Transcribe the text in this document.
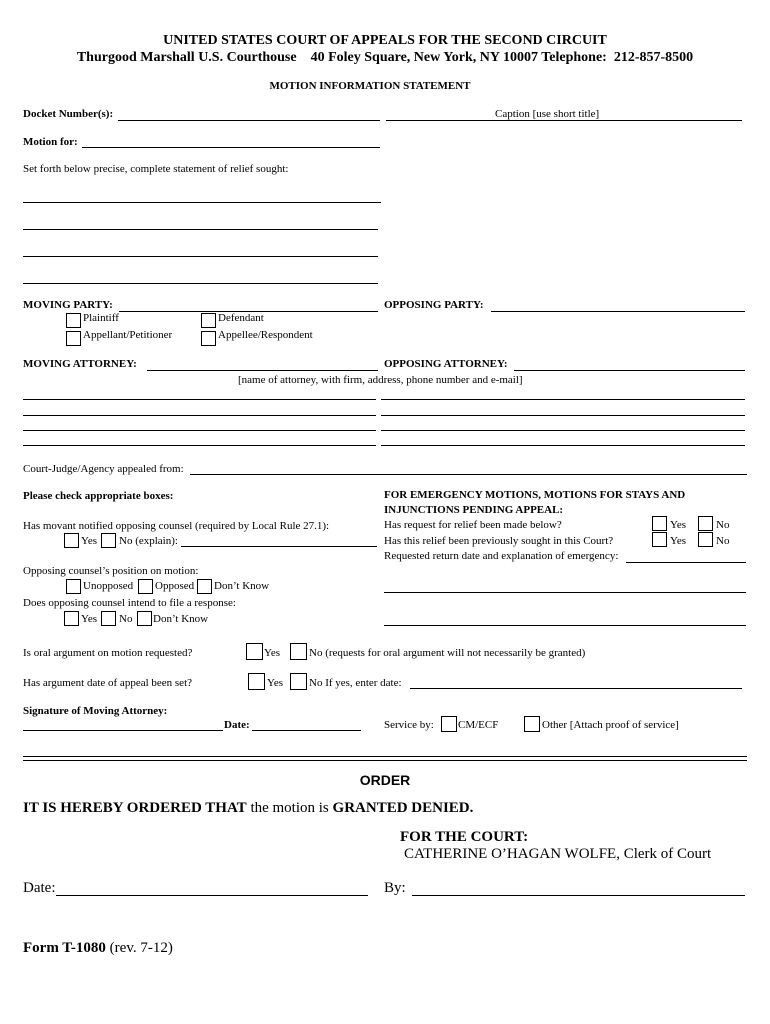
UNITED STATES COURT OF APPEALS FOR THE SECOND CIRCUIT
Thurgood Marshall U.S. Courthouse    40 Foley Square, New York, NY 10007 Telephone:  212-857-8500
MOTION INFORMATION STATEMENT
Docket Number(s):	Caption [use short title]
Motion for:
Set forth below precise, complete statement of relief sought:
MOVING PARTY:	OPPOSING PARTY:
Plaintiff	Defendant
Appellant/Petitioner	Appellee/Respondent
MOVING ATTORNEY:	OPPOSING ATTORNEY:
[name of attorney, with firm, address, phone number and e-mail]
Court-Judge/Agency appealed from:
Please check appropriate boxes:
Has movant notified opposing counsel (required by Local Rule 27.1):
Yes No (explain):
Opposing counsel’s position on motion:
Unopposed Opposed Don’t Know
Does opposing counsel intend to file a response:
Yes No Don’t Know
FOR EMERGENCY MOTIONS, MOTIONS FOR STAYS AND
INJUNCTIONS PENDING APPEAL:
Has request for relief been made below?	Yes	No
Has this relief been previously sought in this Court?	Yes	No
Requested return date and explanation of emergency:
Is oral argument on motion requested?	Yes	No (requests for oral argument will not necessarily be granted)
Has argument date of appeal been set?	Yes No If yes, enter date:
Signature of Moving Attorney:
Date:	Service by: CM/ECF	Other [Attach proof of service]
ORDER
IT IS HEREBY ORDERED THAT the motion is GRANTED DENIED.
FOR THE COURT:
CATHERINE O’HAGAN WOLFE, Clerk of Court
Date:	By:
Form T-1080 (rev. 7-12)
